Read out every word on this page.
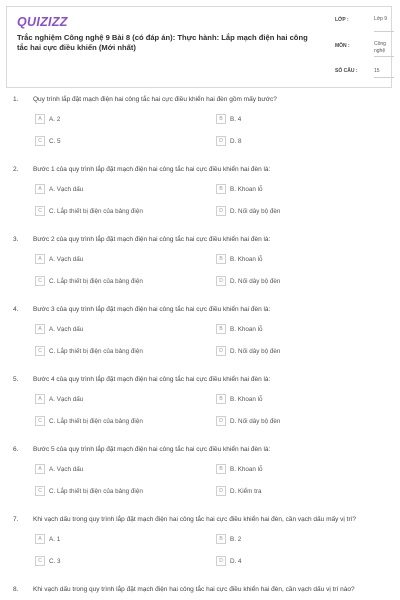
QUIZIZZ
Trắc nghiệm Công nghệ 9 Bài 8 (có đáp án): Thực hành: Lắp mạch điện hai công tắc hai cực điều khiển (Mới nhất)
LỚP :	Lớp 9
MÔN :	Công nghệ
SỐ CÂU :	15
1. Quy trình lắp đặt mạch điện hai công tắc hai cực điều khiển hai đèn gồm mấy bước?
A	A. 2	B	B. 4
C	C. 5	D	D. 8
2. Bước 1 của quy trình lắp đặt mạch điện hai công tắc hai cực điều khiển hai đèn là:
A	A. Vạch dấu	B	B. Khoan lỗ
C	C. Lắp thiết bị điện của bảng điện	D	D. Nối dây bộ đèn
3. Bước 2 của quy trình lắp đặt mạch điện hai công tắc hai cực điều khiển hai đèn là:
A	A. Vạch dấu	B	B. Khoan lỗ
C	C. Lắp thiết bị điện của bảng điện	D	D. Nối dây bộ đèn
4. Bước 3 của quy trình lắp đặt mạch điện hai công tắc hai cực điều khiển hai đèn là:
A	A. Vạch dấu	B	B. Khoan lỗ
C	C. Lắp thiết bị điện của bảng điện	D	D. Nối dây bộ đèn
5. Bước 4 của quy trình lắp đặt mạch điện hai công tắc hai cực điều khiển hai đèn là:
A	A. Vạch dấu	B	B. Khoan lỗ
C	C. Lắp thiết bị điện của bảng điện	D	D. Nối dây bộ đèn
6. Bước 5 của quy trình lắp đặt mạch điện hai công tắc hai cực điều khiển hai đèn là:
A	A. Vạch dấu	B	B. Khoan lỗ
C	C. Lắp thiết bị điện của bảng điện	D	D. Kiểm tra
7. Khi vạch dấu trong quy trình lắp đặt mạch điện hai công tắc hai cực điều khiển hai đèn, cần vạch dấu mấy vị trí?
A	A. 1	B	B. 2
C	C. 3	D	D. 4
8. Khi vạch dấu trong quy trình lắp đặt mạch điện hai công tắc hai cực điều khiển hai đèn, cần vạch dấu vị trí nào?
